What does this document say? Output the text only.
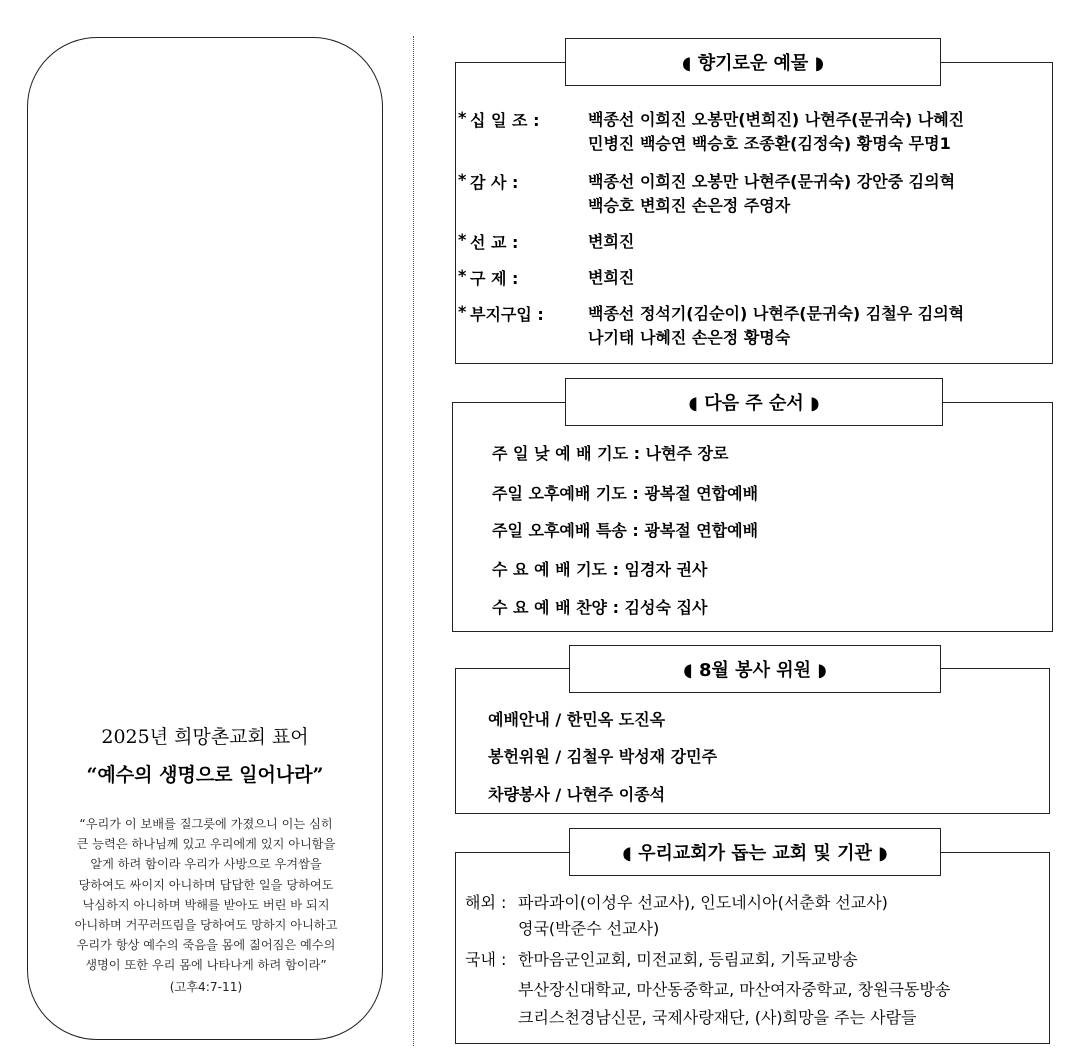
2025년 희망촌교회 표어
“예수의 생명으로 일어나라”
“우리가 이 보배를 질그릇에 가졌으니 이는 심히
큰 능력은 하나님께 있고 우리에게 있지 아니함을
알게 하려 함이라 우리가 사방으로 우겨쌈을
당하여도 싸이지 아니하며 답답한 일을 당하여도
낙심하지 아니하며 박해를 받아도 버린 바 되지
아니하며 거꾸러뜨림을 당하여도 망하지 아니하고
우리가 항상 예수의 죽음을 몸에 짊어짐은 예수의
생명이 또한 우리 몸에 나타나게 하려 함이라”
(고후4:7-11)
◖ 향기로운 예물 ◗
* 십 일 조 :	백종선 이희진 오봉만(변희진) 나현주(문귀숙) 나혜진
민병진 백승연 백승호 조종환(김정숙) 황명숙 무명1
* 감 사 :	백종선 이희진 오봉만 나현주(문귀숙) 강안중 김의혁
백승호 변희진 손은정 주영자
* 선 교 :	변희진
* 구 제 :	변희진
* 부지구입 :	백종선 정석기(김순이) 나현주(문귀숙) 김철우 김의혁
나기태 나혜진 손은정 황명숙
◖ 다음 주 순서 ◗
주 일 낮 예 배 기도 : 나현주 장로
주일 오후예배 기도 : 광복절 연합예배
주일 오후예배 특송 : 광복절 연합예배
수 요 예 배 기도 : 임경자 권사
수 요 예 배 찬양 : 김성숙 집사
◖ 8월 봉사 위원 ◗
예배안내 / 한민옥 도진옥
봉헌위원 / 김철우 박성재 강민주
차량봉사 / 나현주 이종석
◖ 우리교회가 돕는 교회 및 기관 ◗
해외 : 파라과이(이성우 선교사), 인도네시아(서춘화 선교사)
영국(박준수 선교사)
국내 : 한마음군인교회, 미전교회, 등림교회, 기독교방송
부산장신대학교, 마산동중학교, 마산여자중학교, 창원극동방송
크리스천경남신문, 국제사랑재단, (사)희망을 주는 사람들
